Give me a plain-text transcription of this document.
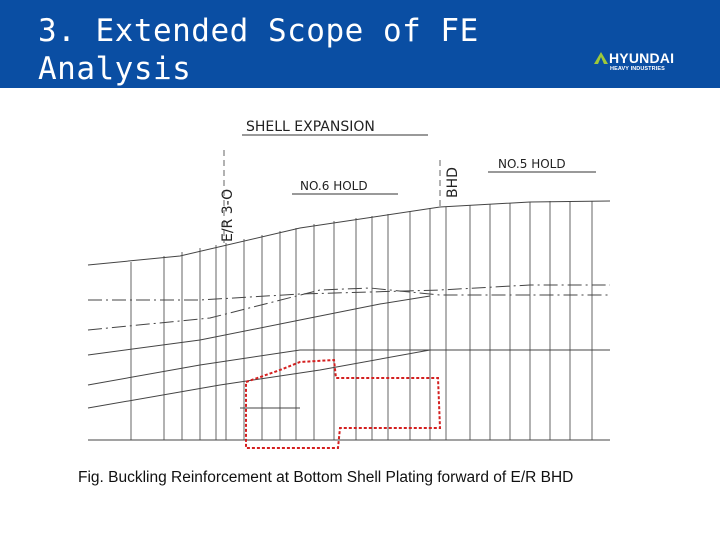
3. Extended Scope of FE
Analysis	HYUNDAI
HEAVY INDUSTRIES
SHELL EXPANSION
NO.6 HOLD
NO.5 HOLD
E/R 3-O
BHD

Fig. Buckling Reinforcement at Bottom Shell Plating forward of E/R BHD
